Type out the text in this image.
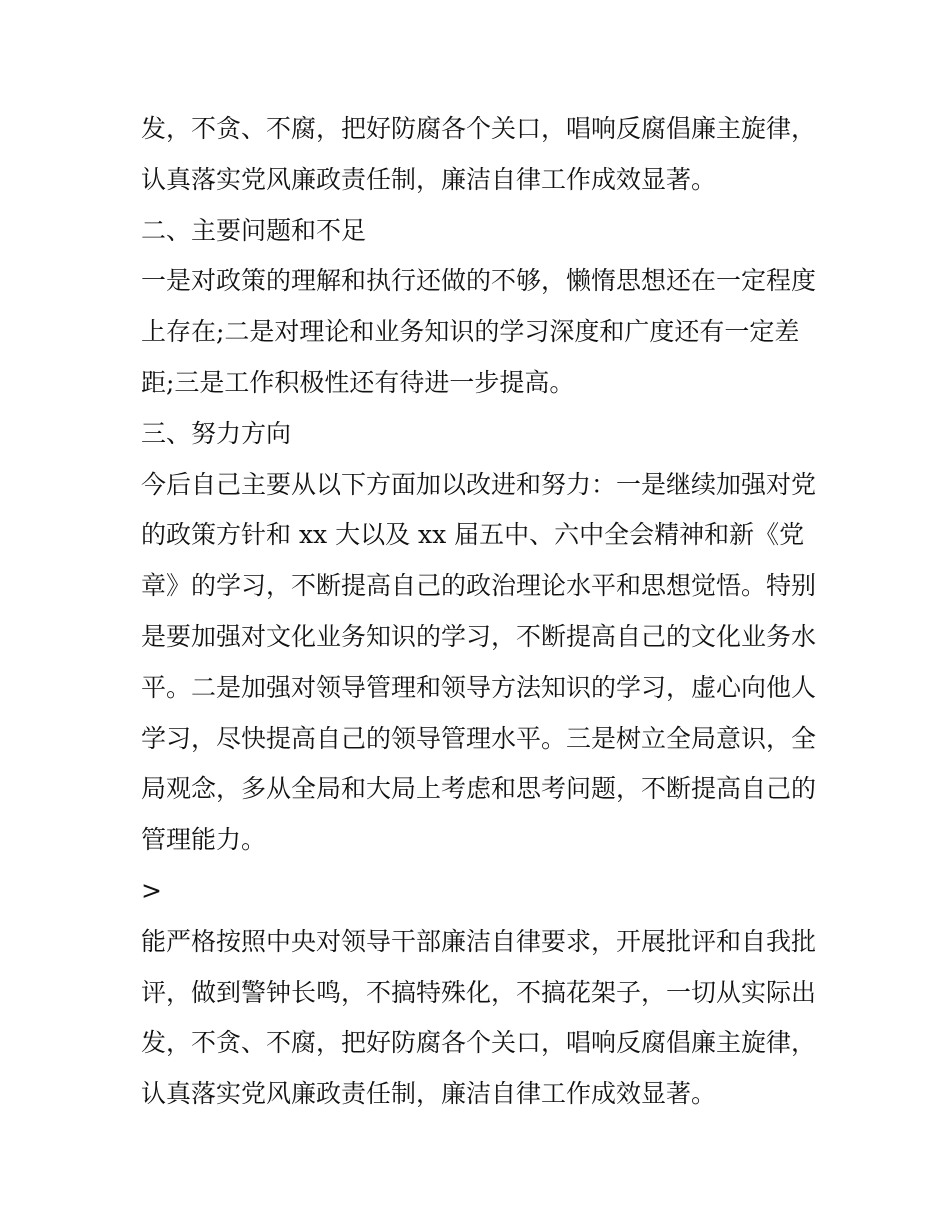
发，不贪、不腐，把好防腐各个关口，唱响反腐倡廉主旋律，
认真落实党风廉政责任制，廉洁自律工作成效显著。
二、主要问题和不足
一是对政策的理解和执行还做的不够，懒惰思想还在一定程度
上存在;二是对理论和业务知识的学习深度和广度还有一定差
距;三是工作积极性还有待进一步提高。
三、努力方向
今后自己主要从以下方面加以改进和努力：一是继续加强对党
的政策方针和 xx 大以及 xx 届五中、六中全会精神和新《党
章》的学习，不断提高自己的政治理论水平和思想觉悟。特别
是要加强对文化业务知识的学习，不断提高自己的文化业务水
平。二是加强对领导管理和领导方法知识的学习，虚心向他人
学习，尽快提高自己的领导管理水平。三是树立全局意识，全
局观念，多从全局和大局上考虑和思考问题，不断提高自己的
管理能力。
>
能严格按照中央对领导干部廉洁自律要求，开展批评和自我批
评，做到警钟长鸣，不搞特殊化，不搞花架子，一切从实际出
发，不贪、不腐，把好防腐各个关口，唱响反腐倡廉主旋律，
认真落实党风廉政责任制，廉洁自律工作成效显著。
